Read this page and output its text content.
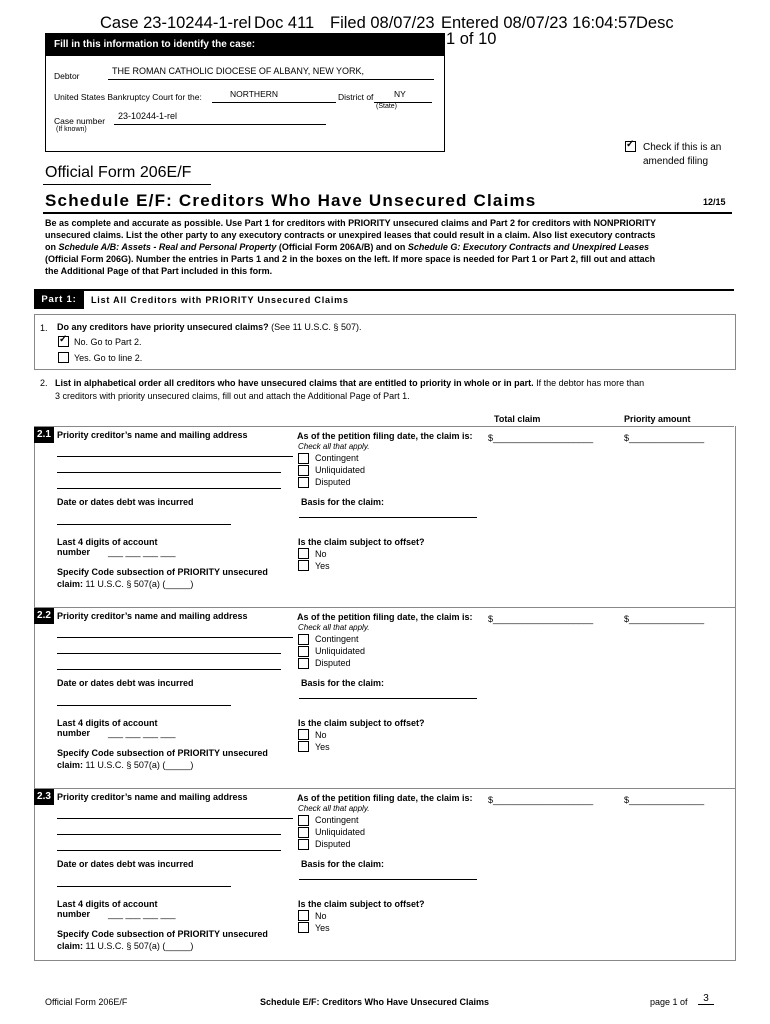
Case 23-10244-1-rel Doc 411 Filed 08/07/23 Entered 08/07/23 16:04:57 Desc
1 of 10
Fill in this information to identify the case:
Debtor	THE ROMAN CATHOLIC DIOCESE OF ALBANY, NEW YORK,
United States Bankruptcy Court for the:	NORTHERN	District of NY
(State)
Case number 23-10244-1-rel
(If known)
✓
Check if this is an
amended filing
Official Form 206E/F
Schedule E/F: Creditors Who Have Unsecured Claims	12/15
Be as complete and accurate as possible. Use Part 1 for creditors with PRIORITY unsecured claims and Part 2 for creditors with NONPRIORITY
unsecured claims. List the other party to any executory contracts or unexpired leases that could result in a claim. Also list executory contracts
on Schedule A/B: Assets - Real and Personal Property (Official Form 206A/B) and on Schedule G: Executory Contracts and Unexpired Leases
(Official Form 206G). Number the entries in Parts 1 and 2 in the boxes on the left. If more space is needed for Part 1 or Part 2, fill out and attach
the Additional Page of that Part included in this form.
Part 1:	List All Creditors with PRIORITY Unsecured Claims
1. Do any creditors have priority unsecured claims? (See 11 U.S.C. § 507).
✓
No. Go to Part 2.
Yes. Go to line 2.
2. List in alphabetical order all creditors who have unsecured claims that are entitled to priority in whole or in part. If the debtor has more than
3 creditors with priority unsecured claims, fill out and attach the Additional Page of Part 1.
Total claim	Priority amount
2.1 Priority creditor’s name and mailing address	As of the petition filing date, the claim is:
Check all that apply.
Contingent
Unliquidated
Disputed
$____________________	$_______________
Date or dates debt was incurred	Basis for the claim:
Last 4 digits of account
number ___ ___ ___ ___
Is the claim subject to offset?
No
Yes
Specify Code subsection of PRIORITY unsecured
claim: 11 U.S.C. § 507(a) (_____)
2.2 Priority creditor’s name and mailing address	As of the petition filing date, the claim is:
Check all that apply.
Contingent
Unliquidated
Disputed
$____________________	$_______________
Date or dates debt was incurred	Basis for the claim:
Last 4 digits of account
number ___ ___ ___ ___
Is the claim subject to offset?
No
Yes
Specify Code subsection of PRIORITY unsecured
claim: 11 U.S.C. § 507(a) (_____)
2.3 Priority creditor’s name and mailing address	As of the petition filing date, the claim is:
Check all that apply.
Contingent
Unliquidated
Disputed
$____________________	$_______________
Date or dates debt was incurred	Basis for the claim:
Last 4 digits of account
number ___ ___ ___ ___
Is the claim subject to offset?
No
Yes
Specify Code subsection of PRIORITY unsecured
claim: 11 U.S.C. § 507(a) (_____)
Official Form 206E/F	Schedule E/F: Creditors Who Have Unsecured Claims	page 1 of	3
